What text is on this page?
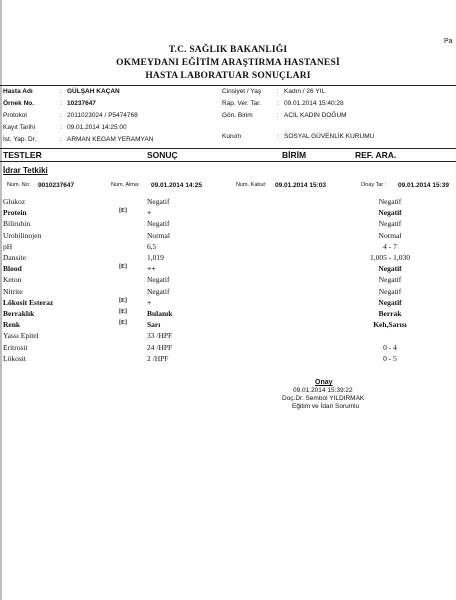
Pa
T.C. SAĞLIK BAKANLIĞI
OKMEYDANI EĞİTİM ARAŞTIRMA HASTANESİ
HASTA LABORATUAR SONUÇLARI
Hasta Adı	: GÜLŞAH KAÇAN
Örnek No.	: 10237647
Protokol	: 2011023024 / P5474768
Kayıt Tarihi	: 09.01.2014 14:25:00
İst. Yap. Dr.	: ARMAN KEGAM YERAMYAN
Cinsiyet / Yaş : Kadın / 26 YIL
Rap. Ver. Tar. : 09.01.2014 15:40:28
Gön. Birim	: ACİL KADIN DOĞUM
Kurum	: SOSYAL GÜVENLİK KURUMU
TESTLER	SONUÇ	BİRİM	REF. ARA.
İdrar Tetkiki
Num. No: 9010237647	Num. Alma: 09.01.2014 14:25	Num. Kabul: 09.01.2014 15:03	Onay Tar : 09.01.2014 15:39
Glukoz	Negatif	Negatif
Protein	[E]	+	Negatif
Bilirubin	Negatif	Negatif
Urobilinojen	Normal	Normal
pH	6,5	4 - 7
Dansite	1,019	1,005 - 1,030
Blood	[E]	++	Negatif
Keton	Negatif	Negatif
Nitrite	Negatif	Negatif
Lökosit Esteraz	[E]	+	Negatif
Berraklık	[E]	Bulanık	Berrak
Renk	[E]	Sarı	Keh,Sarısı
Yassı Epitel	33 /HPF
Eritrosit	24 /HPF	0 - 4
Lökosit	2 /HPF	0 - 5
Onay
09.01.2014 15:39:22
Doç.Dr. Sembol YILDIRMAK
Eğitim ve İdari Sorumlu
